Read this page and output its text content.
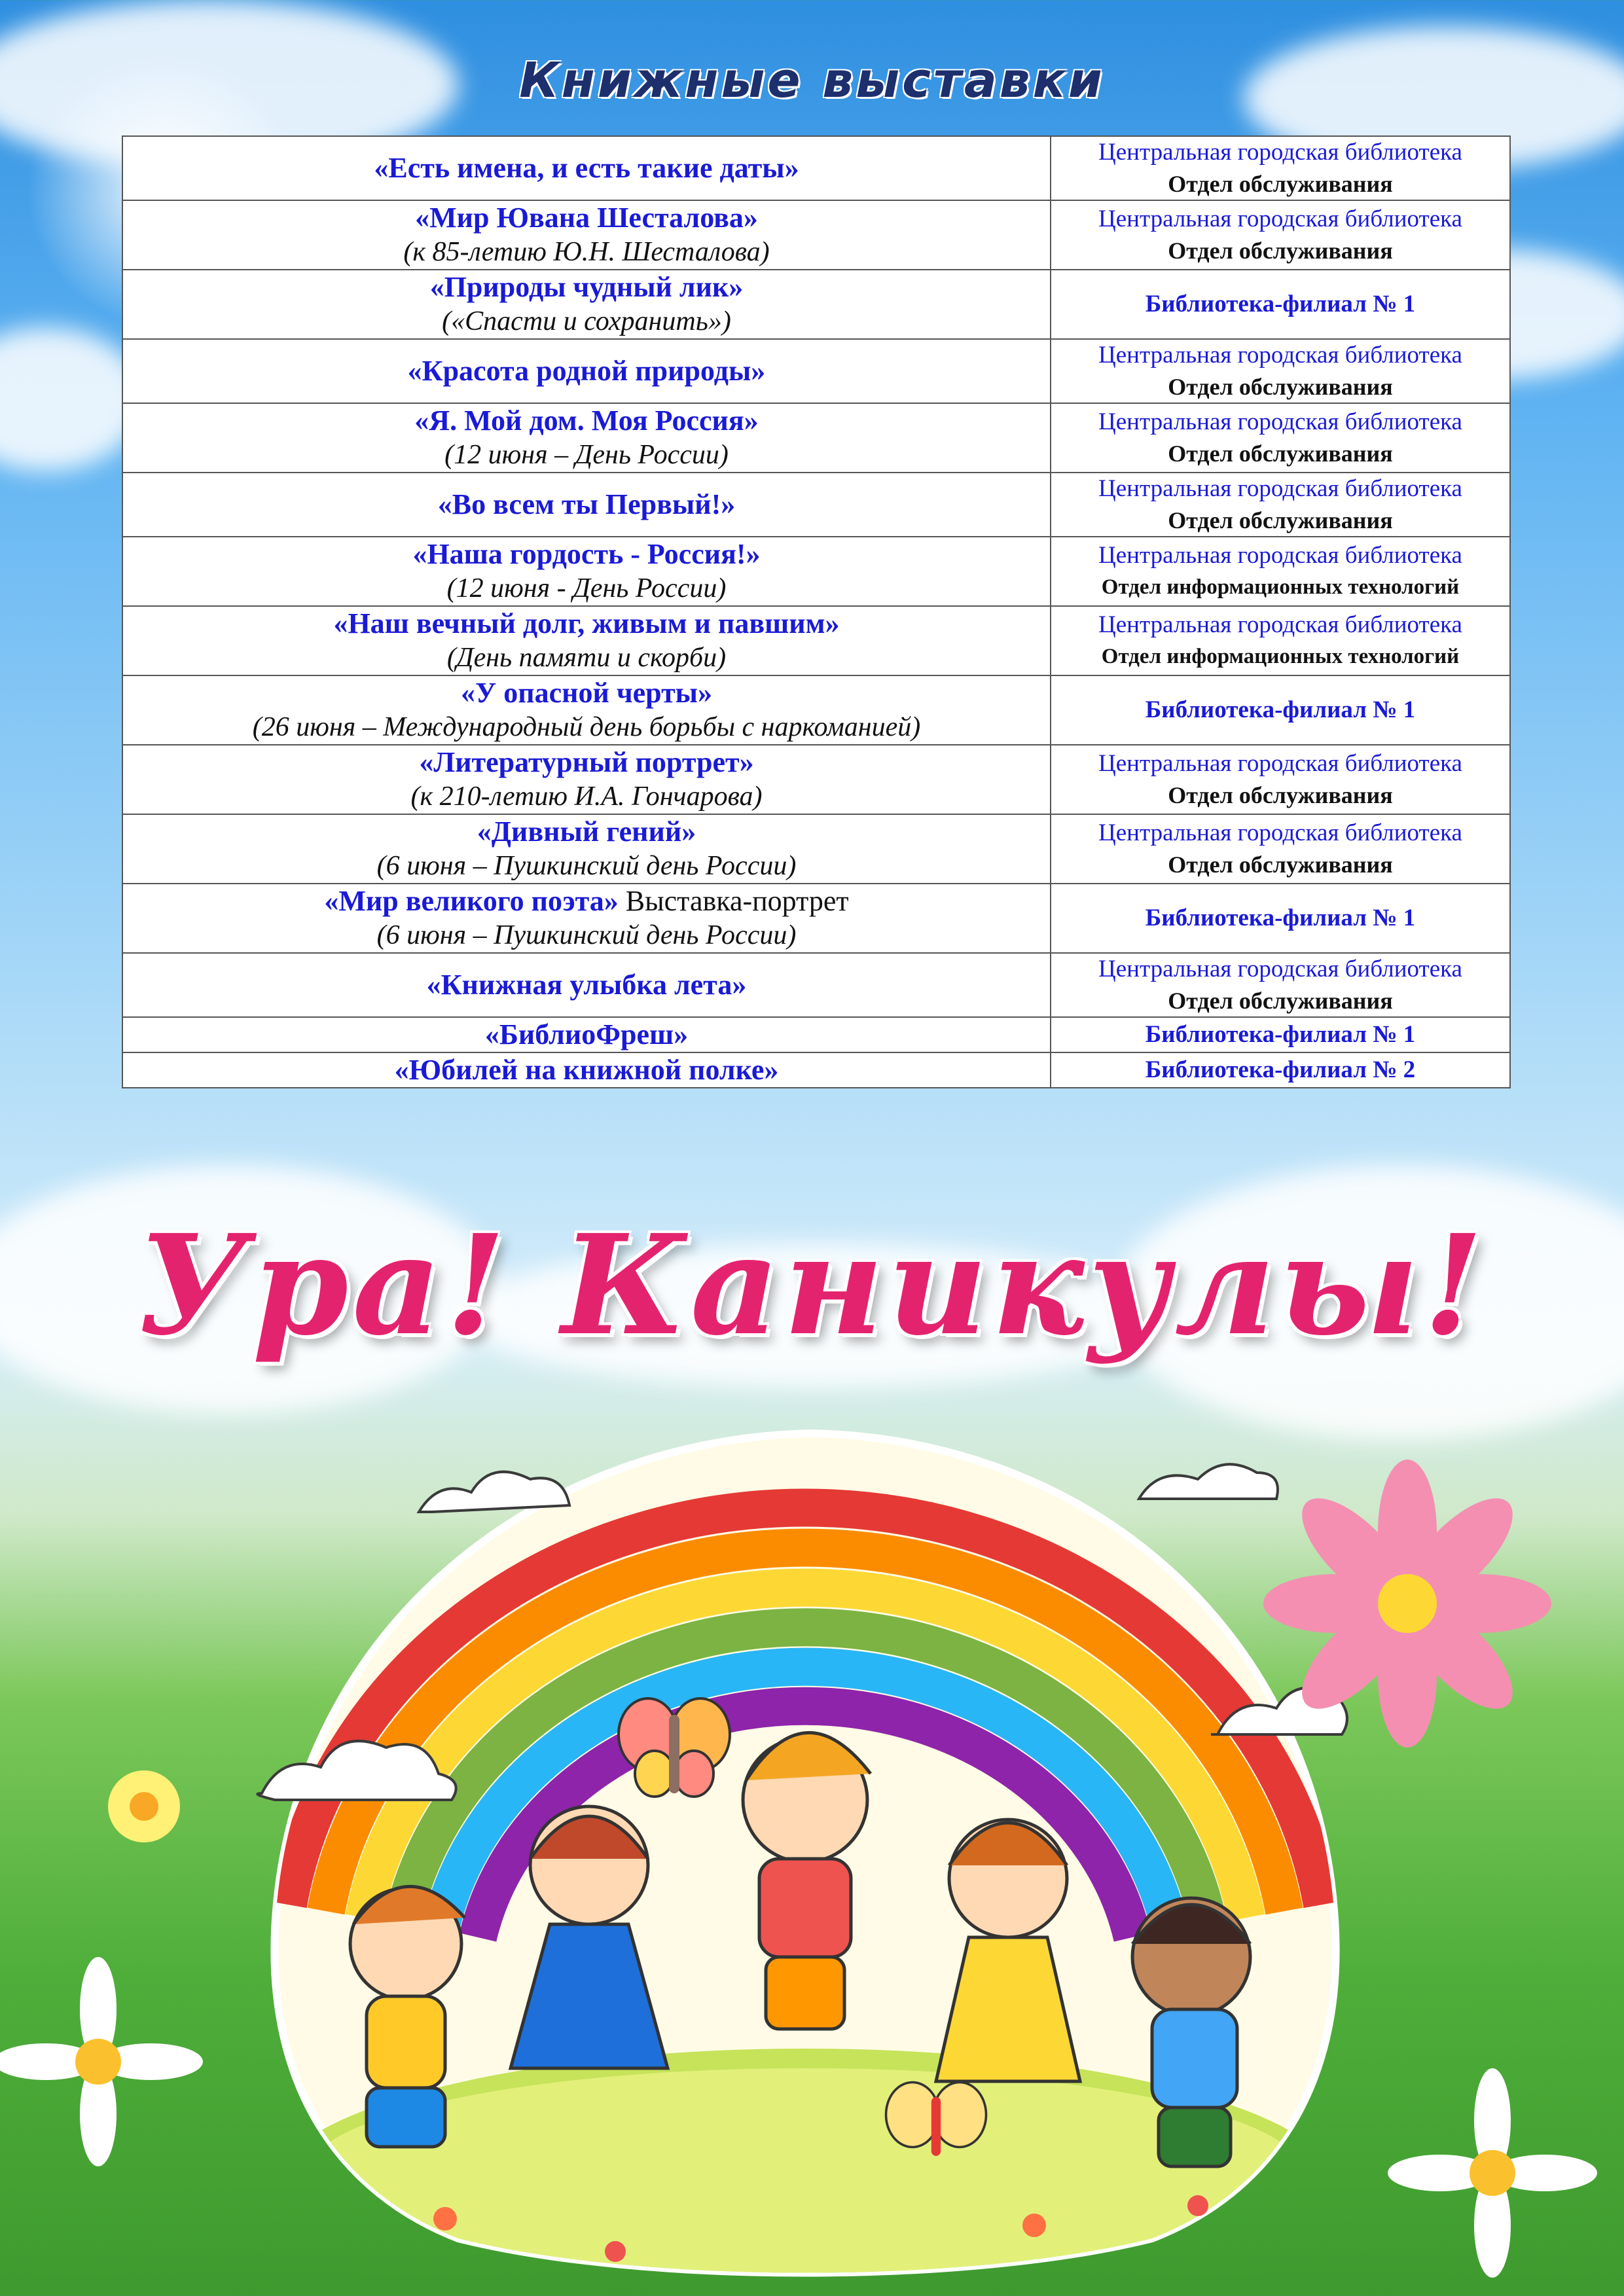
Книжные выставки
«Есть имена, и есть такие даты»	Центральная городская библиотека
Отдел обслуживания

«Мир Ювана Шесталова»
(к 85-летию Ю.Н. Шесталова)	Центральная городская библиотека
Отдел обслуживания

«Природы чудный лик»
(«Спасти и сохранить»)	Библиотека-филиал № 1

«Красота родной природы»	Центральная городская библиотека
Отдел обслуживания

«Я. Мой дом. Моя Россия»
(12 июня – День России)	Центральная городская библиотека
Отдел обслуживания

«Во всем ты Первый!»	Центральная городская библиотека
Отдел обслуживания

«Наша гордость - Россия!»
(12 июня - День России)	Центральная городская библиотека
Отдел информационных технологий

«Наш вечный долг, живым и павшим»
(День памяти и скорби)	Центральная городская библиотека
Отдел информационных технологий

«У опасной черты»
(26 июня – Международный день борьбы с наркоманией)	Библиотека-филиал № 1

«Литературный портрет»
(к 210-летию И.А. Гончарова)	Центральная городская библиотека
Отдел обслуживания

«Дивный гений»
(6 июня – Пушкинский день России)	Центральная городская библиотека
Отдел обслуживания

«Мир великого поэта» Выставка-портрет
(6 июня – Пушкинский день России)	Библиотека-филиал № 1

«Книжная улыбка лета»	Центральная городская библиотека
Отдел обслуживания

«БиблиоФреш»	Библиотека-филиал № 1

«Юбилей на книжной полке»	Библиотека-филиал № 2
Ура! Каникулы!
